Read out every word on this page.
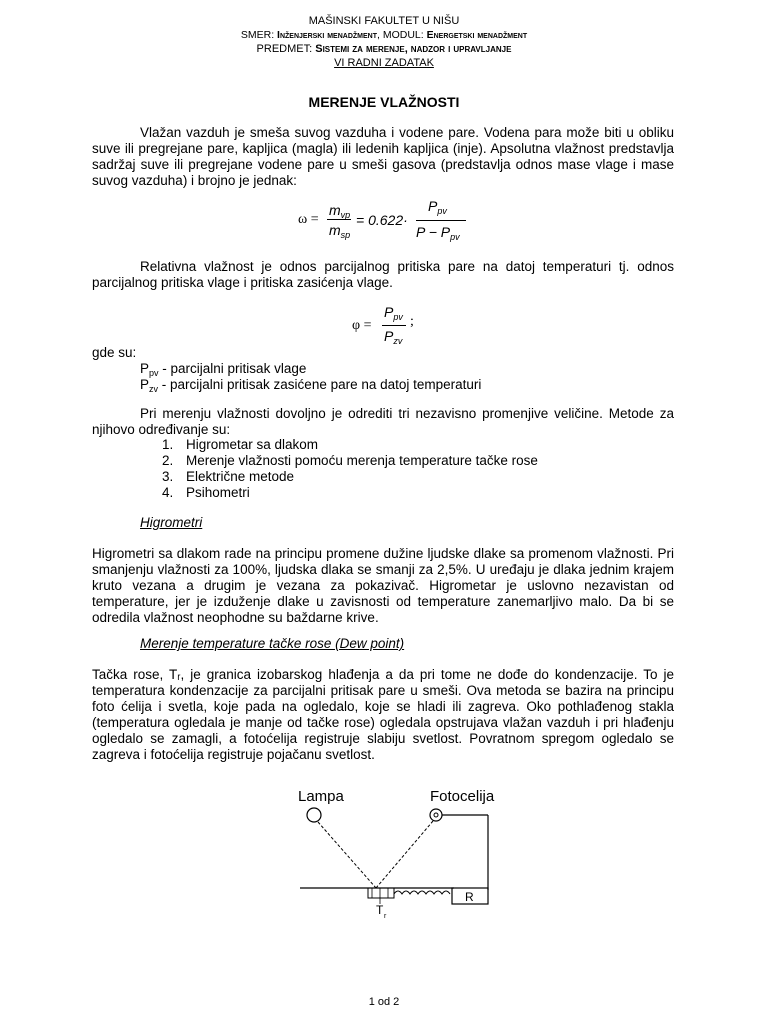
MAŠINSKI FAKULTET U NIŠU
SMER: Inženjerski menadžment, MODUL: Energetski menadžment
PREDMET: Sistemi za merenje, nadzor i upravljanje
VI RADNI ZADATAK
MERENJE VLAŽNOSTI
Vlažan vazduh je smeša suvog vazduha i vodene pare. Vodena para može biti u obliku suve ili pregrejane pare, kapljica (magla) ili ledenih kapljica (inje). Apsolutna vlažnost predstavlja sadržaj suve ili pregrejane vodene pare u smeši gasova (predstavlja odnos mase vlage i mase suvog vazduha) i brojno je jednak:
ω =
$m_{vp}$
$m_{sp}$
= 0.622·
$P_{pv}$
$P - P_{pv}$
Relativna vlažnost je odnos parcijalnog pritiska pare na datoj temperaturi tj. odnos parcijalnog pritiska vlage i pritiska zasićenja vlage.
φ =
$P_{pv}$
$P_{zv}$
;
gde su:
$P_{pv}$ - parcijalni pritisak vlage
$P_{zv}$ - parcijalni pritisak zasićene pare na datoj temperaturi
Pri merenju vlažnosti dovoljno je odrediti tri nezavisno promenjive veličine. Metode za njihovo određivanje su:
1. Higrometar sa dlakom
2. Merenje vlažnosti pomoću merenja temperature tačke rose
3. Električne metode
4. Psihometri
Higrometri
Higrometri sa dlakom rade na principu promene dužine ljudske dlake sa promenom vlažnosti. Pri smanjenju vlažnosti za 100%, ljudska dlaka se smanji za 2,5%. U uređaju je dlaka jednim krajem kruto vezana a drugim je vezana za pokazivač. Higrometar je uslovno nezavistan od temperature, jer je izduženje dlake u zavisnosti od temperature zanemarljivo malo. Da bi se odredila vlažnost neophodne su baždarne krive.
Merenje temperature tačke rose (Dew point)
Tačka rose, Tᵣ, je granica izobarskog hlađenja a da pri tome ne dođe do kondenzacije. To je temperatura kondenzacije za parcijalni pritisak pare u smeši. Ova metoda se bazira na principu foto ćelija i svetla, koje pada na ogledalo, koje se hladi ili zagreva. Oko pothlađenog stakla (temperatura ogledala je manje od tačke rose) ogledala opstrujava vlažan vazduh i pri hlađenju ogledalo se zamagli, a fotoćelija registruje slabiju svetlost. Povratnom spregom ogledalo se zagreva i fotoćelija registruje pojačanu svetlost.
Lampa	Fotocelija
R
T r
1 od 2
